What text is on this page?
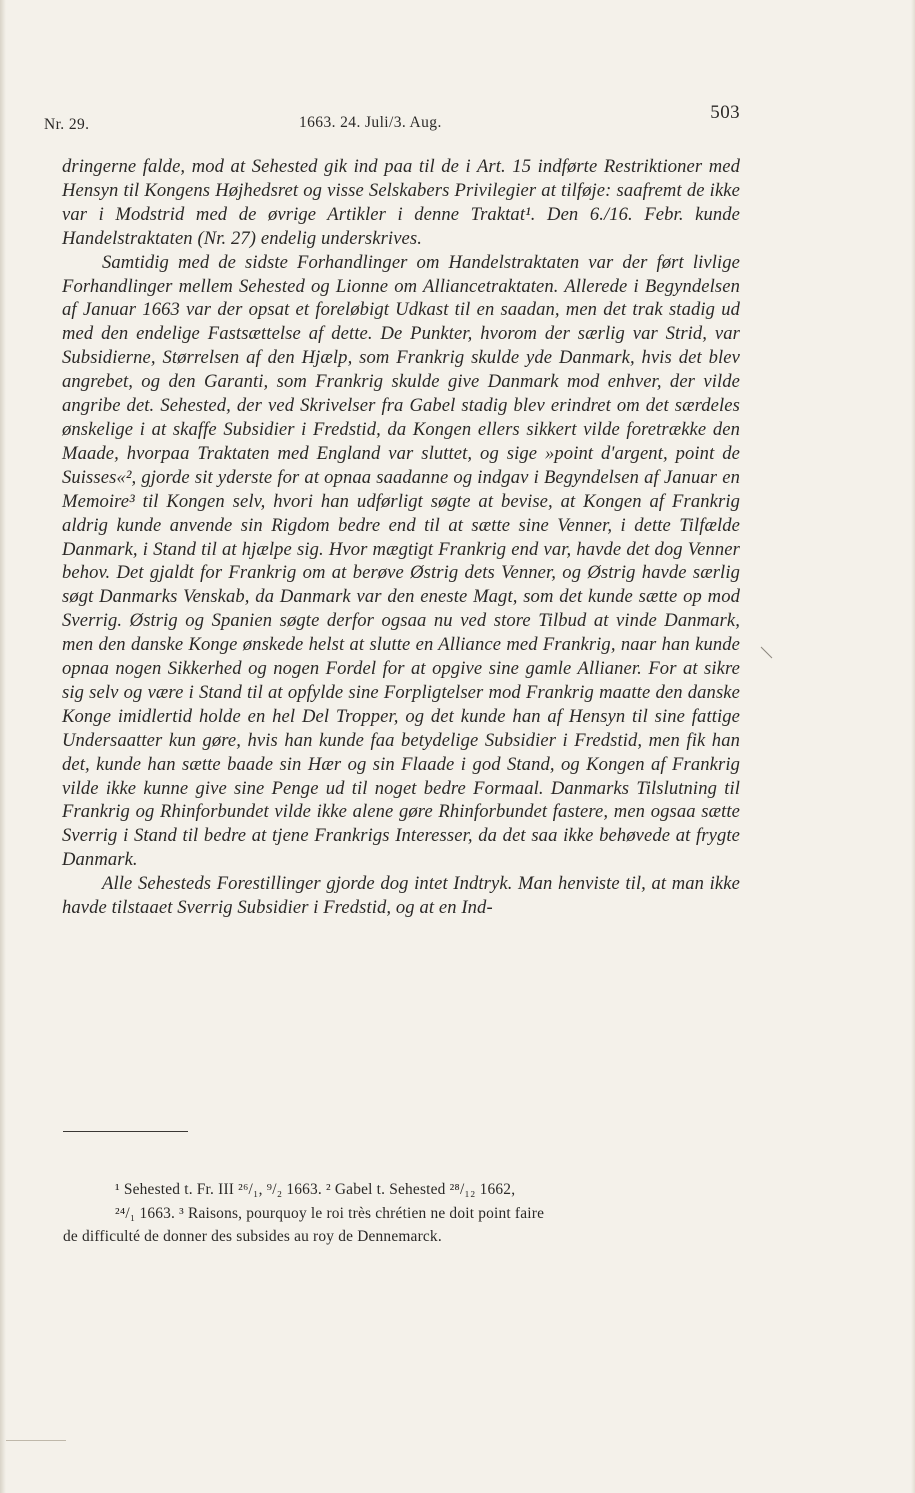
Nr. 29.	1663. 24. Juli/3. Aug.	503

dringerne falde, mod at Sehested gik ind paa til de i Art. 15 indførte Restriktioner med Hensyn til Kongens Højhedsret og visse Selskabers Privilegier at tilføje: saafremt de ikke var i Modstrid med de øvrige Artikler i denne Traktat¹. Den 6./16. Febr. kunde Handelstraktaten (Nr. 27) endelig underskrives.

Samtidig med de sidste Forhandlinger om Handelstraktaten var der ført livlige Forhandlinger mellem Sehested og Lionne om Alliancetraktaten. Allerede i Begyndelsen af Januar 1663 var der opsat et foreløbigt Udkast til en saadan, men det trak stadig ud med den endelige Fastsættelse af dette. De Punkter, hvorom der særlig var Strid, var Subsidierne, Størrelsen af den Hjælp, som Frankrig skulde yde Danmark, hvis det blev angrebet, og den Garanti, som Frankrig skulde give Danmark mod enhver, der vilde angribe det. Sehested, der ved Skrivelser fra Gabel stadig blev erindret om det særdeles ønskelige i at skaffe Subsidier i Fredstid, da Kongen ellers sikkert vilde foretrække den Maade, hvorpaa Traktaten med England var sluttet, og sige »point d'argent, point de Suisses«², gjorde sit yderste for at opnaa saadanne og indgav i Begyndelsen af Januar en Memoire³ til Kongen selv, hvori han udførligt søgte at bevise, at Kongen af Frankrig aldrig kunde anvende sin Rigdom bedre end til at sætte sine Venner, i dette Tilfælde Danmark, i Stand til at hjælpe sig. Hvor mægtigt Frankrig end var, havde det dog Venner behov. Det gjaldt for Frankrig om at berøve Østrig dets Venner, og Østrig havde særlig søgt Danmarks Venskab, da Danmark var den eneste Magt, som det kunde sætte op mod Sverrig. Østrig og Spanien søgte derfor ogsaa nu ved store Tilbud at vinde Danmark, men den danske Konge ønskede helst at slutte en Alliance med Frankrig, naar han kunde opnaa nogen Sikkerhed og nogen Fordel for at opgive sine gamle Allianer. For at sikre sig selv og være i Stand til at opfylde sine Forpligtelser mod Frankrig maatte den danske Konge imidlertid holde en hel Del Tropper, og det kunde han af Hensyn til sine fattige Undersaatter kun gøre, hvis han kunde faa betydelige Subsidier i Fredstid, men fik han det, kunde han sætte baade sin Hær og sin Flaade i god Stand, og Kongen af Frankrig vilde ikke kunne give sine Penge ud til noget bedre Formaal. Danmarks Tilslutning til Frankrig og Rhinforbundet vilde ikke alene gøre Rhinforbundet fastere, men ogsaa sætte Sverrig i Stand til bedre at tjene Frankrigs Interesser, da det saa ikke behøvede at frygte Danmark.

Alle Sehesteds Forestillinger gjorde dog intet Indtryk. Man henviste til, at man ikke havde tilstaaet Sverrig Subsidier i Fredstid, og at en Ind-

¹ Sehested t. Fr. III ²⁶/₁, ⁹/₂ 1663. ² Gabel t. Sehested ²⁸/₁₂ 1662,

²⁴/₁ 1663. ³ Raisons, pourquoy le roi très chrétien ne doit point faire

de difficulté de donner des subsides au roy de Dennemarck.
